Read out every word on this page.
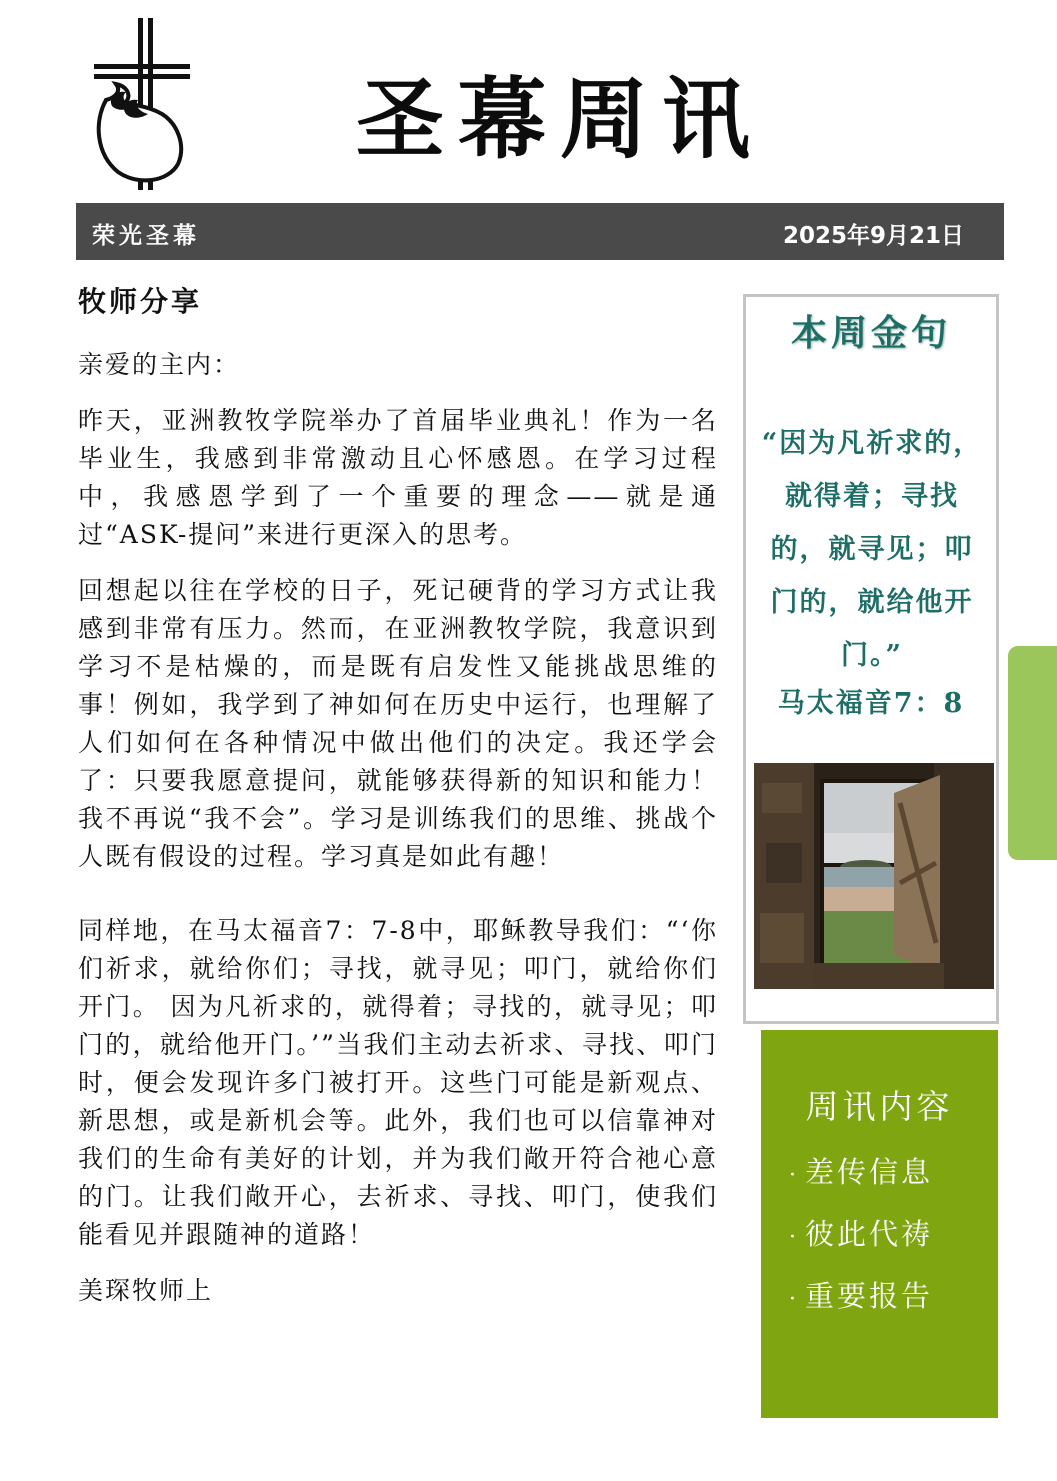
圣幕周讯
荣光圣幕	2025年9月21日
牧师分享

亲爱的主内：

昨天，亚洲教牧学院举办了首届毕业典礼！作为一名毕业生，我感到非常激动且心怀感恩。在学习过程中，我感恩学到了一个重要的理念——就是通过“ASK-提问”来进行更深入的思考。

回想起以往在学校的日子，死记硬背的学习方式让我感到非常有压力。然而，在亚洲教牧学院，我意识到学习不是枯燥的，而是既有启发性又能挑战思维的事！例如，我学到了神如何在历史中运行，也理解了人们如何在各种情况中做出他们的决定。我还学会了：只要我愿意提问，就能够获得新的知识和能力！我不再说“我不会”。学习是训练我们的思维、挑战个人既有假设的过程。学习真是如此有趣！

同样地，在马太福音7：7-8中，耶稣教导我们：“‘你们祈求，就给你们；寻找，就寻见；叩门，就给你们开门。 因为凡祈求的，就得着；寻找的，就寻见；叩门的，就给他开门。’”当我们主动去祈求、寻找、叩门时，便会发现许多门被打开。这些门可能是新观点、新思想，或是新机会等。此外，我们也可以信靠神对我们的生命有美好的计划，并为我们敞开符合祂心意的门。让我们敞开心，去祈求、寻找、叩门，使我们能看见并跟随神的道路！

美琛牧师上

本周金句
“因为凡祈求的，就得着；寻找的，就寻见；叩门的，就给他开门。”
马太福音7：8
周讯内容
· 差传信息
· 彼此代祷
· 重要报告
